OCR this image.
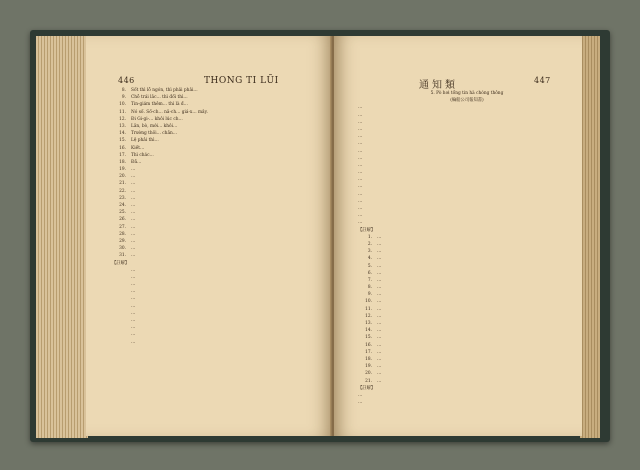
446	THONG TI LŨI
8. Sốt thì lỗ ngón, thì phải phải…
9. Chỗ trái lắc… thì đổi thì…
10. Tin-giám thêm… thì là đ…
11. Nó số. Số-ch… nâ-ch… giá-x… mảy.
12. Đi Gi-gi-… khỏi lúc ch…
13. Lân, bò, mới… khỏi…
14. Trường thôi… chẵn…
15. Lệ phải thì…
16. Kiết…
17. Thì chác…
18. Đã…
19. …
20. …
21. …
22. …
23. …
24. …
25. …
26. …
27. …
28. …
29. …
30. …
31. …
【註解】
…
…
…
…
…
…
…
…
…
…
…
通知類	447
5. Pò hơi tổng tin hà chóng thông
(輪船公司報知書)
…
…
…
…
…
…
…
…
…
…
…
…
…
…
…
…
…
【註解】
1. …
2. …
3. …
4. …
5. …
6. …
7. …
8. …
9. …
10. …
11. …
12. …
13. …
14. …
15. …
16. …
17. …
18. …
19. …
20. …
21. …
【註解】
…
…
